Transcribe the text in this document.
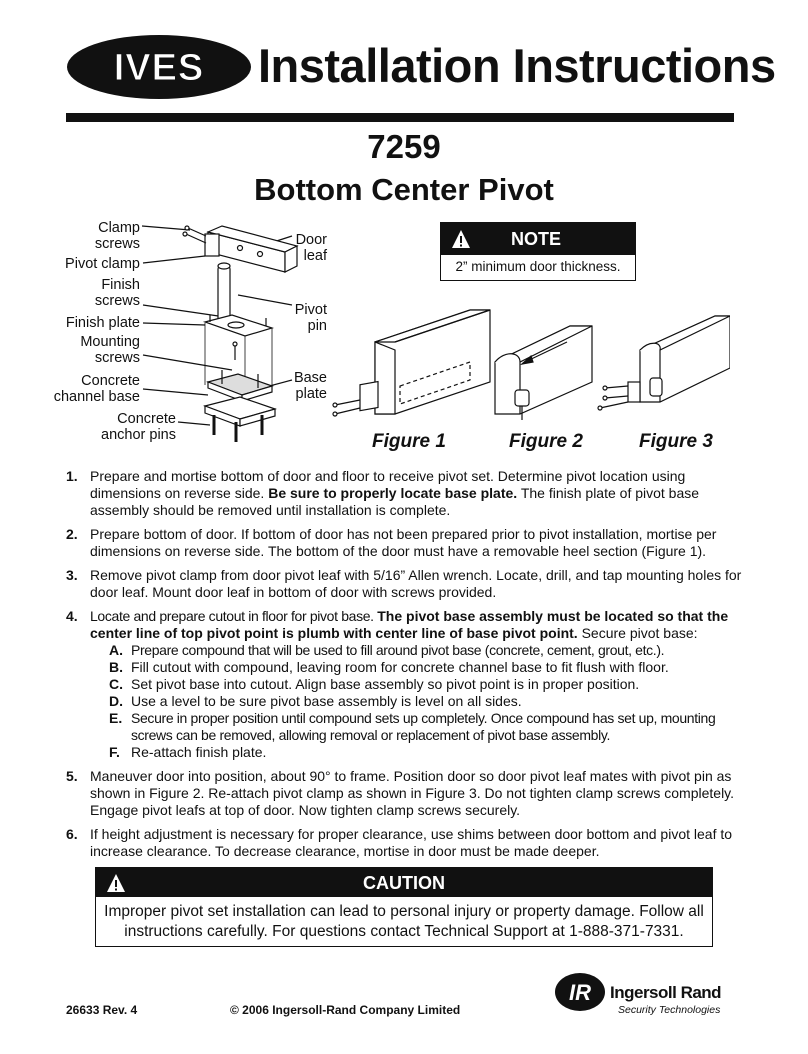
IVES Installation Instructions
7259
Bottom Center Pivot
Clamp
screws
Pivot clamp
Finish
screws
Finish plate
Mounting
screws
Concrete
channel base
Concrete
anchor pins
Door
leaf
Pivot
pin
Base
plate
NOTE
2” minimum door thickness.
Figure 1	Figure 2	Figure 3
1. Prepare and mortise bottom of door and floor to receive pivot set. Determine pivot location using dimensions on reverse side. Be sure to properly locate base plate. The finish plate of pivot base assembly should be removed until installation is complete.
2. Prepare bottom of door. If bottom of door has not been prepared prior to pivot installation, mortise per dimensions on reverse side. The bottom of the door must have a removable heel section (Figure 1).
3. Remove pivot clamp from door pivot leaf with 5/16” Allen wrench. Locate, drill, and tap mounting holes for door leaf. Mount door leaf in bottom of door with screws provided.
4. Locate and prepare cutout in floor for pivot base. The pivot base assembly must be located so that the center line of top pivot point is plumb with center line of base pivot point. Secure pivot base:
A. Prepare compound that will be used to fill around pivot base (concrete, cement, grout, etc.).
B. Fill cutout with compound, leaving room for concrete channel base to fit flush with floor.
C. Set pivot base into cutout. Align base assembly so pivot point is in proper position.
D. Use a level to be sure pivot base assembly is level on all sides.
E. Secure in proper position until compound sets up completely. Once compound has set up, mounting screws can be removed, allowing removal or replacement of pivot base assembly.
F. Re-attach finish plate.
5. Maneuver door into position, about 90° to frame. Position door so door pivot leaf mates with pivot pin as shown in Figure 2. Re-attach pivot clamp as shown in Figure 3. Do not tighten clamp screws completely. Engage pivot leafs at top of door. Now tighten clamp screws securely.
6. If height adjustment is necessary for proper clearance, use shims between door bottom and pivot leaf to increase clearance. To decrease clearance, mortise in door must be made deeper.
CAUTION
Improper pivot set installation can lead to personal injury or property damage. Follow all instructions carefully. For questions contact Technical Support at 1-888-371-7331.
26633 Rev. 4	© 2006 Ingersoll-Rand Company Limited
IR Ingersoll Rand
Security Technologies
